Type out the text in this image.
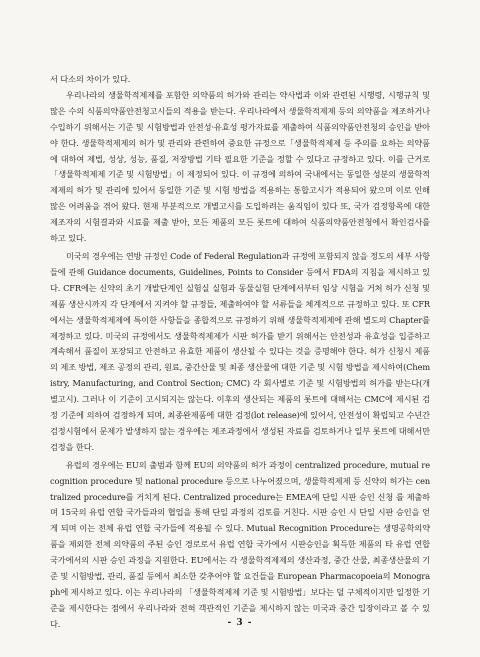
서 다소의 차이가 있다.

우리나라의 생물학적제제를 포함한 의약품의 허가와 관리는 약사법과 이와 관련된 시행령, 시행규칙 및 많은 수의 식품의약품안전청고시들의 적용을 받는다. 우리나라에서 생물학적제제 등의 의약품을 제조하거나 수입하기 위해서는 기준 및 시험방법과 안전성·유효성 평가자료를 제출하여 식품의약품안전청의 승인을 받아야 한다. 생물학적제제의 허가 및 관리와 관련하여 중요한 규정으로「생물학적제제 등 주의를 요하는 의약품에 대하여 제법, 성상, 성능, 품질, 저장방법 기타 필요한 기준을 정할 수 있다고 규정하고 있다. 이를 근거로「생물학적제제 기준 및 시험방법」이 제정되어 있다. 이 규정에 의하여 국내에서는 동일한 성분의 생물학적제제의 허가 및 관리에 있어서 동일한 기준 및 시험 방법을 적용하는 통합고시가 적용되어 왔으며 이로 인해 많은 어려움을 겪어 왔다. 현재 부분적으로 개별고시를 도입하려는 움직임이 있다 또, 국가 검정항목에 대한 제조자의 시험결과와 시료를 제출 받아, 모든 제품의 모든 롯트에 대하여 식품의약품안전청에서 확인검사를 하고 있다.

미국의 경우에는 연방 규정인 Code of Federal Regulation과 규정에 포함되지 않을 정도의 세부 사항들에 관해 Guidance documents, Guidelines, Points to Consider 등에서 FDA의 지침을 제시하고 있다. CFR에는 신약의 초기 개발단계인 실험실 실험과 동물실험 단계에서부터 임상 시험을 거쳐 허가 신청 및 제품 생산시까지 각 단계에서 지켜야 할 규정들, 제출하여야 할 서류들을 체계적으로 규정하고 있다. 또 CFR에서는 생물학적제제에 특이한 사항들을 종합적으로 규정하기 위해 생물학적제제에 관해 별도의 Chapter를 제정하고 있다. 미국의 규정에서도 생물학적제제가 시판 허가를 받기 위해서는 안전성과 유효성을 입증하고 계속해서 품질이 포장되고 안전하고 유효한 제품이 생산될 수 있다는 것을 증명해야 한다. 허가 신청시 제품의 제조 방법, 제조 공정의 관리, 원료, 중간산물 및 최종 생산물에 대한 기준 및 시험 방법을 제시하여(Chemistry, Manufacturing, and Control Section; CMC) 각 회사별로 기준 및 시험방법의 허가를 받는다(개별고시). 그러나 이 기준이 고시되지는 않는다. 이후의 생산되는 제품의 롯트에 대해서는 CMC에 제시된 검정 기준에 의하여 검정하게 되며, 최종완제품에 대한 검정(lot release)에 있어서, 안전성이 확립되고 수년간 검정시험에서 문제가 발생하지 않는 경우에는 제조과정에서 생성된 자료를 검토하거나 일부 롯트에 대해서만 검정을 한다.

유럽의 경우에는 EU의 출범과 함께 EU의 의약품의 허가 과정이 centralized procedure, mutual recognition procedure 및 national procedure 등으로 나누어졌으며, 생물학적제제 등 신약의 허가는 centralized procedure를 거치게 된다. Centralized procedure는 EMEA에 단일 시판 승인 신청 를 제출하며 15국의 유럽 연합 국가들과의 협업을 통해 단일 과정의 검토를 거친다. 시판 승인 시 단일 시판 승인을 얻게 되며 이는 전체 유럽 연합 국가들에 적용될 수 있다. Mutual Recognition Procedure는 생명공학의약품을 제외한 전체 의약품의 주된 승인 경로로서 유럽 연합 국가에서 시판승인을 획득한 제품의 타 유럽 연합 국가에서의 시판 승인 과정을 지원한다. EU에서는 각 생물학적제제의 생산과정, 중간 산물, 최종생산물의 기준 및 시험방법, 관리, 품질 등에서 최소한 갖추어야 할 요건들을 European Pharmacopoeia의 Monograph에 제시하고 있다. 이는 우리나라의 「생물학적제제 기준 및 시험방법」보다는 덜 구체적이지만 일정한 기준을 제시한다는 점에서 우리나라와 전혀 객관적인 기준을 제시하지 않는 미국과 중간 입장이라고 볼 수 있다.	- 3 -
